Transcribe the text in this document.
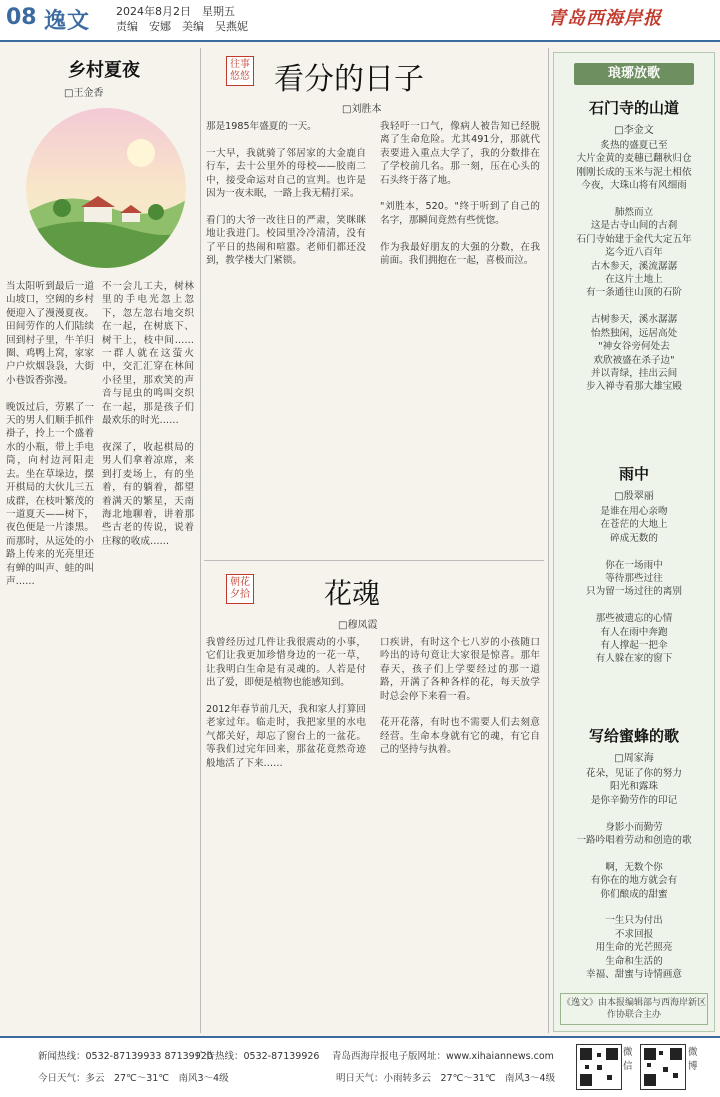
08 逸文	2024年8月2日　星期五
责编　安娜　美编　吴燕妮	青岛西海岸报
乡村夏夜
□王金香
当太阳听到最后一道山坡口，空阔的乡村便迎入了漫漫夏夜。田间劳作的人们陆续回到村子里，牛羊归圈、鸡鸭上窝，家家户户炊烟袅袅，大街小巷饭香弥漫。

晚饭过后，劳累了一天的男人们顺手抓件褂子，拎上一个盛着水的小瓶，带上手电筒，向村边河阳走去。坐在草垛边，摆开棋局的大伙儿三五成群，在枝叶繁茂的一道夏天——树下，夜色便是一片漆黑。而那时，从远处的小路上传来的光亮里还有蝉的叫声、蛙的叫声……
不一会儿工夫，树林里的手电光忽上忽下，忽左忽右地交织在一起，在树底下、树干上，枝中间……一群人就在这萤火中，交汇汇穿在林间小径里，那欢笑的声音与昆虫的鸣叫交织在一起，那是孩子们最欢乐的时光……

夜深了，收起棋局的男人们拿着凉席，来到打麦场上，有的坐着，有的躺着，都望着满天的繁星，天南海北地聊着，讲着那些古老的传说，说着庄稼的收成……
往事悠悠 看分的日子
□刘胜本
那是1985年盛夏的一天。

一大早，我就骑了邻居家的大金鹿自行车，去十公里外的母校——胶南二中，接受命运对自己的宣判。也许是因为一夜未眠，一路上我无精打采。

看门的大爷一改往日的严肃，笑眯眯地让我进门。校园里冷冷清清，没有了平日的热闹和喧嚣。老师们都还没到，教学楼大门紧锁。
我轻吁一口气，像病人被告知已经脱离了生命危险。尤其491分，那就代表要进入重点大学了，我的分数排在了学校前几名。那一刻，压在心头的石头终于落了地。

"刘胜本，520。"终于听到了自己的名字，那瞬间竟然有些恍惚。

作为我最好朋友的大强的分数，在我前面。我们拥抱在一起，喜极而泣。
朝花夕拾	花魂
□穆凤霞
我曾经历过几件让我很震动的小事，它们让我更加珍惜身边的一花一草，让我明白生命是有灵魂的。人若是付出了爱，即便是植物也能感知到。

2012年春节前几天，我和家人打算回老家过年。临走时，我把家里的水电气都关好，却忘了窗台上的一盆花。等我们过完年回来，那盆花竟然奇迹般地活了下来……
口疾讲，有时这个七八岁的小孩随口吟出的诗句竟让大家很是惊喜。那年春天，孩子们上学要经过的那一道路，开满了各种各样的花，每天放学时总会停下来看一看。

花开花落，有时也不需要人们去刻意经营。生命本身就有它的魂，有它自己的坚持与执着。
琅琊放歌
石门寺的山道
□李金文
炙热的盛夏已至
大片金黄的麦穗已翻秋归仓
刚刚长成的玉米与泥土相依
今夜，大珠山将有风细雨

肺然而立
这是古寺山间的古刹
石门寺始建于金代大定五年
迄今近八百年
古木参天，溪流潺潺
在这片土地上
有一条通往山顶的石阶

古树参天，溪水潺潺
怡然独闲，远居高处
"神女谷旁何处去
欢欣被盛在杀子边"
并以青绿，挂出云间
步入禅寺看那大雄宝殿
雨中
□殷翠丽
是谁在用心亲吻
在苍茫的大地上
碎成无数的

你在一场雨中
等待那些过往
只为留一场过往的离别

那些被遗忘的心情
有人在雨中奔跑
有人撑起一把伞
有人躲在家的窗下
写给蜜蜂的歌
□周家海
花朵，见证了你的努力
阳光和露珠
是你辛勤劳作的印记

身影小而勤劳
一路吟唱着劳动和创造的歌

啊，无数个你
有你在的地方就会有
你们酿成的甜蜜

一生只为付出
不求回报
用生命的光芒照亮
生命和生活的
幸福、甜蜜与诗情画意
《逸文》由本报编辑部与西海岸新区作协联合主办
新闻热线：0532-87139933 87139920
广告热线：0532-87139926 青岛西海岸报电子版网址：www.xihaiannews.com
今日天气：多云　27℃～31℃　南风3～4级	明日天气：小雨转多云　27℃～31℃　南风3～4级
微信
微博
